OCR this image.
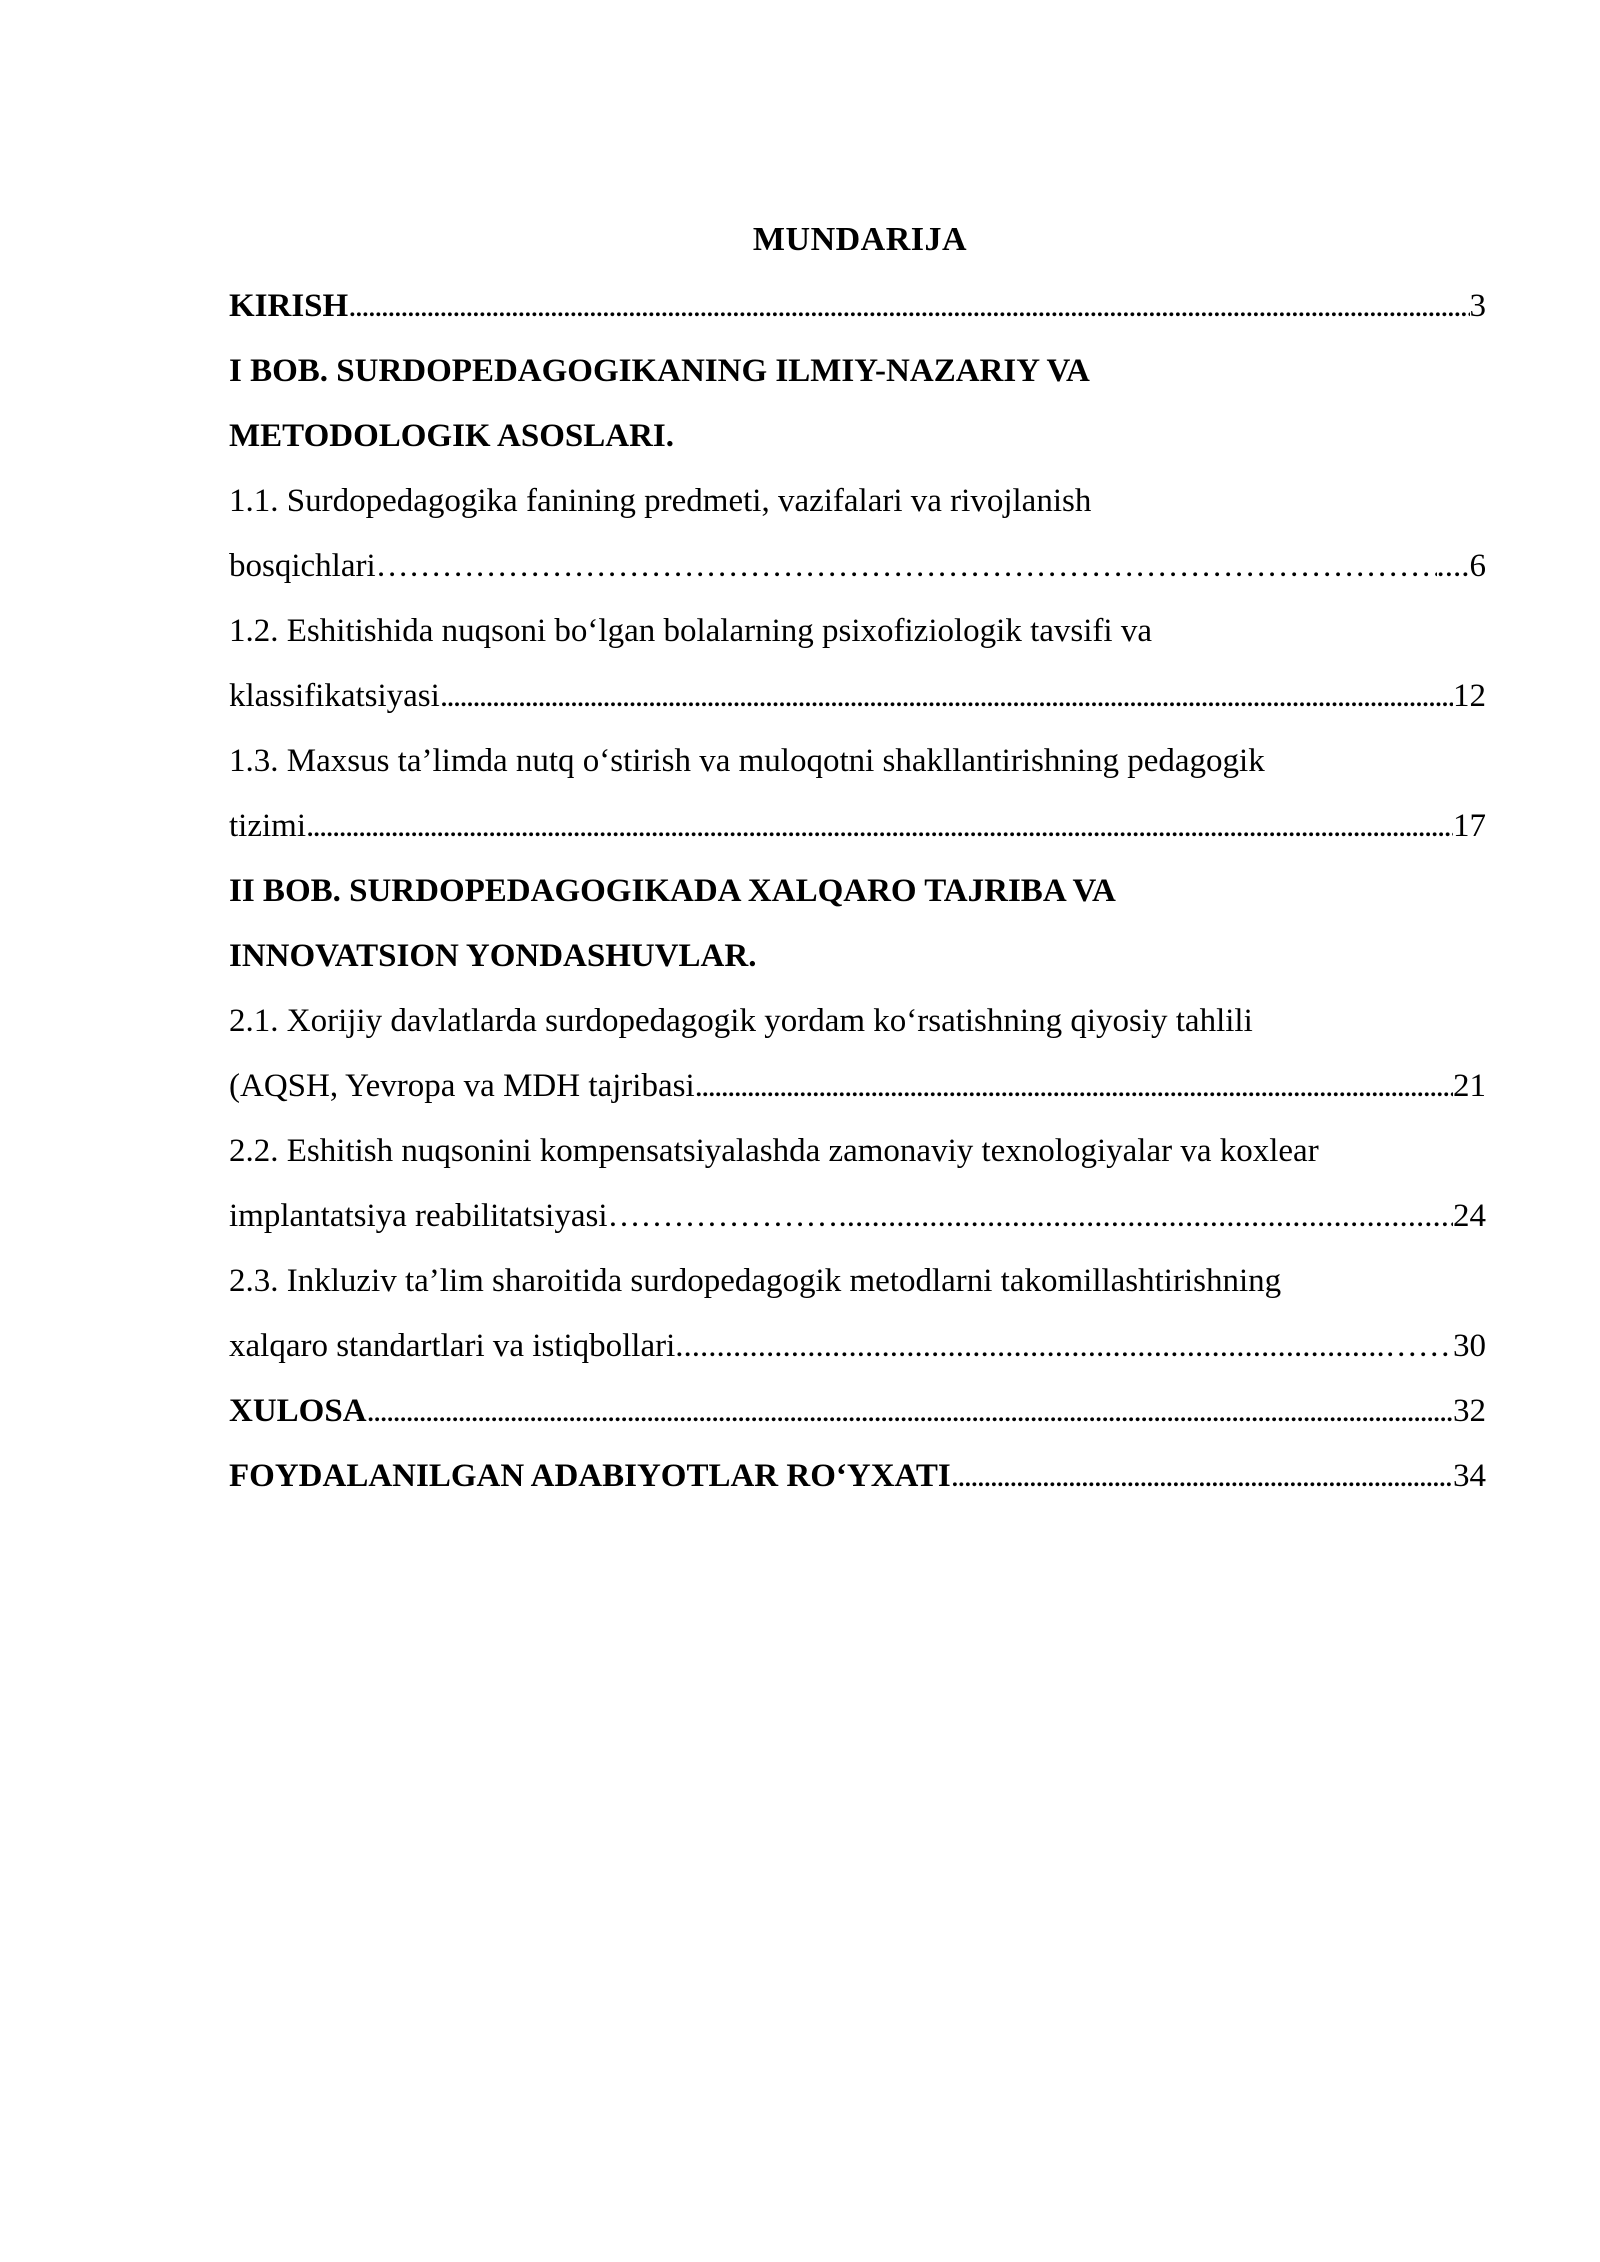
MUNDARIJA
KIRISH . . .	3
I BOB. SURDOPEDAGOGIKANING ILMIY-NAZARIY VA
METODOLOGIK ASOSLARI.
1.1. Surdopedagogika fanining predmeti, vazifalari va rivojlanish
bosqichlari …………………………………………………………………………………………………………………………………………………………………………………………………………………………	....6
1.2. Eshitishida nuqsoni bo‘lgan bolalarning psixofiziologik tavsifi va
klassifikatsiyasi . . .	12
1.3. Maxsus ta’limda nutq o‘stirish va muloqotni shakllantirishning pedagogik
tizimi . . .	17
II BOB. SURDOPEDAGOGIKADA XALQARO TAJRIBA VA
INNOVATSION YONDASHUVLAR.
2.1. Xorijiy davlatlarda surdopedagogik yordam ko‘rsatishning qiyosiy tahlili
(AQSH, Yevropa va MDH tajribasi . . .	21
2.2. Eshitish nuqsonini kompensatsiyalashda zamonaviy texnologiyalar va koxlear
implantatsiya reabilitatsiyasi ………………….......................................................................................................................................................................................................	24
2.3. Inkluziv ta’lim sharoitida surdopedagogik metodlarni takomillashtirishning
xalqaro standartlari va istiqbollari ......................................................................................……………………………………………………………………………………………	30
XULOSA . . .	32
FOYDALANILGAN ADABIYOTLAR RO‘YXATI . . .	34
